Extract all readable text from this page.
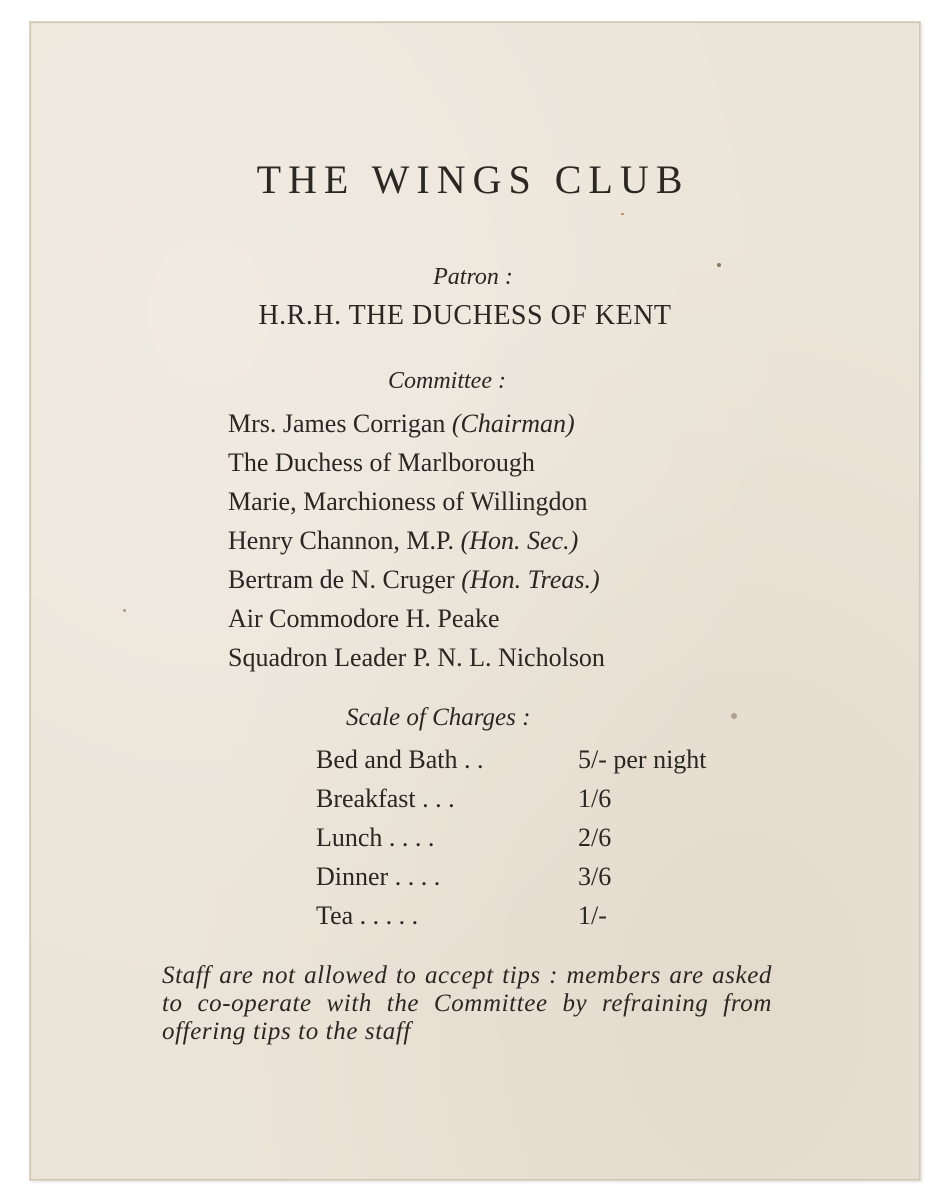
THE WINGS CLUB
Patron :
H.R.H. THE DUCHESS OF KENT
Committee :
Mrs. James Corrigan (Chairman)
The Duchess of Marlborough
Marie, Marchioness of Willingdon
Henry Channon, M.P. (Hon. Sec.)
Bertram de N. Cruger (Hon. Treas.)
Air Commodore H. Peake
Squadron Leader P. N. L. Nicholson
Scale of Charges :
Bed and Bath . .	5/- per night
Breakfast . . .	1/6
Lunch . . . .	2/6
Dinner . . . .	3/6
Tea . . . . .	1/-
Staff are not allowed to accept tips : members are asked to co-operate with the Committee by refraining from offering tips to the staff
